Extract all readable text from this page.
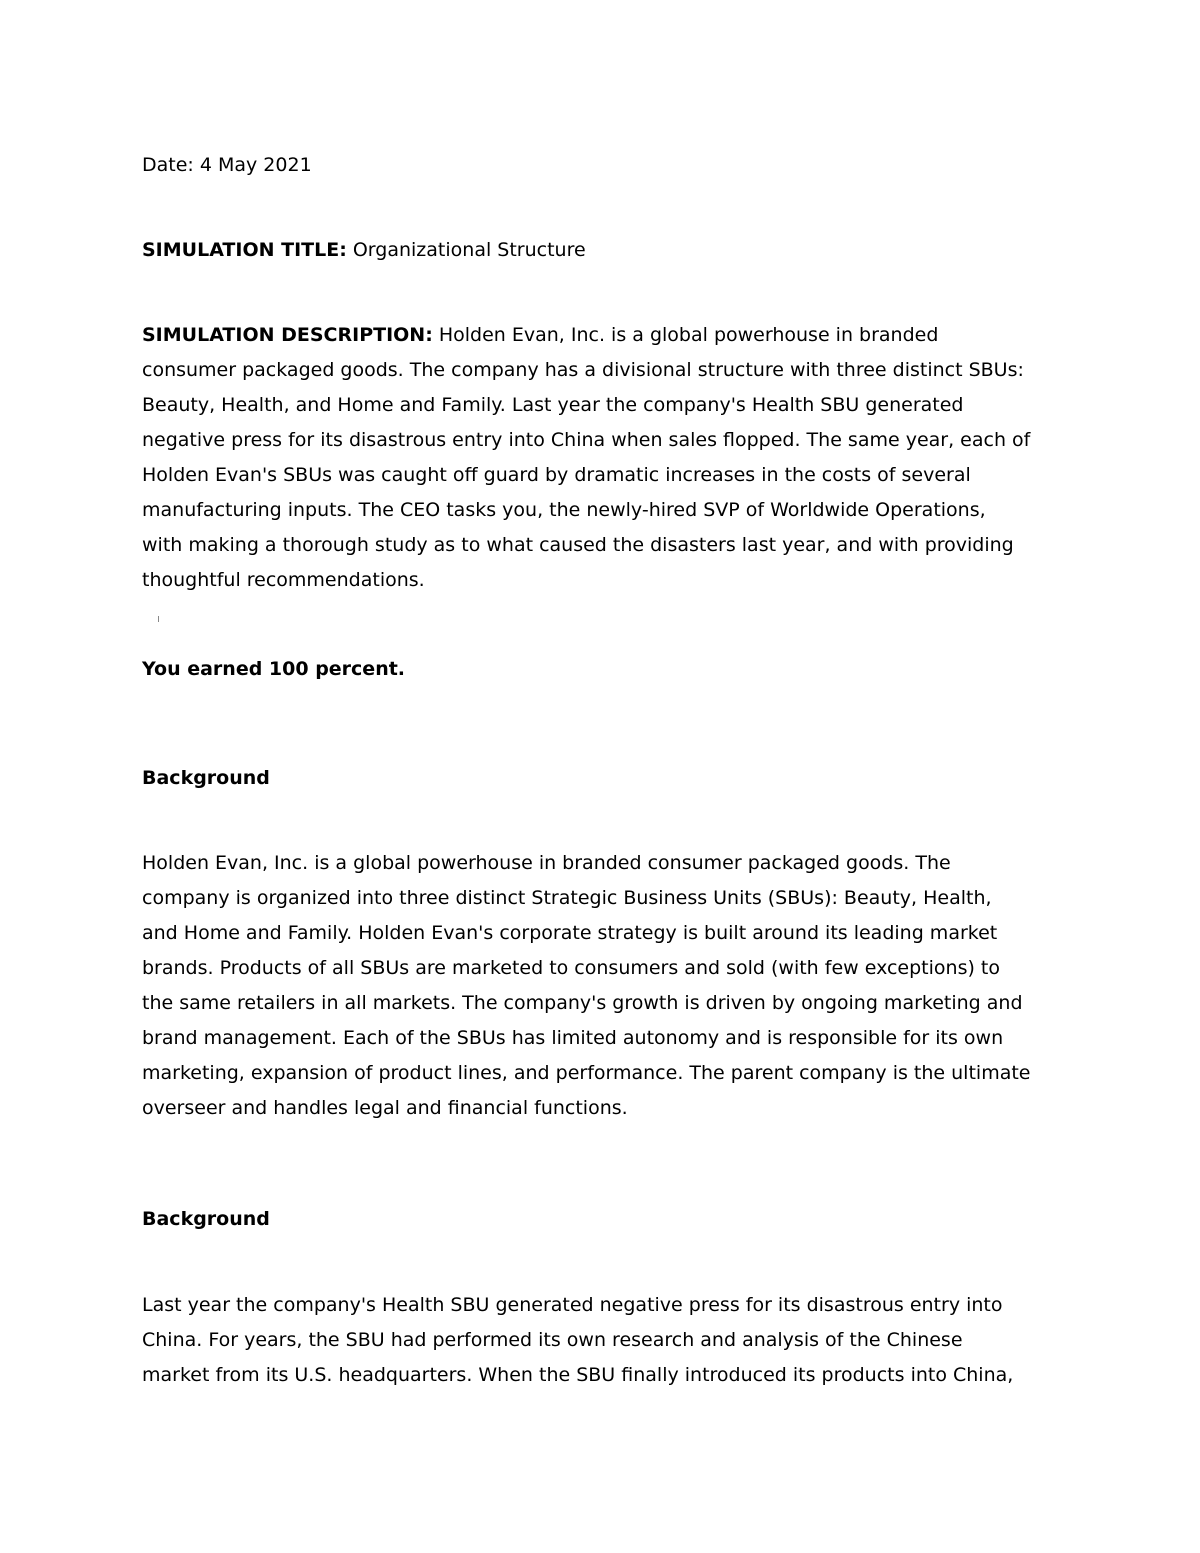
Date: 4 May 2021

SIMULATION TITLE: Organizational Structure

SIMULATION DESCRIPTION: Holden Evan, Inc. is a global powerhouse in branded

consumer packaged goods. The company has a divisional structure with three distinct SBUs:

Beauty, Health, and Home and Family. Last year the company's Health SBU generated

negative press for its disastrous entry into China when sales flopped. The same year, each of

Holden Evan's SBUs was caught off guard by dramatic increases in the costs of several

manufacturing inputs. The CEO tasks you, the newly-hired SVP of Worldwide Operations,

with making a thorough study as to what caused the disasters last year, and with providing

thoughtful recommendations.

You earned 100 percent.

Background

Holden Evan, Inc. is a global powerhouse in branded consumer packaged goods. The

company is organized into three distinct Strategic Business Units (SBUs): Beauty, Health,

and Home and Family. Holden Evan's corporate strategy is built around its leading market

brands. Products of all SBUs are marketed to consumers and sold (with few exceptions) to

the same retailers in all markets. The company's growth is driven by ongoing marketing and

brand management. Each of the SBUs has limited autonomy and is responsible for its own

marketing, expansion of product lines, and performance. The parent company is the ultimate

overseer and handles legal and financial functions.

Background

Last year the company's Health SBU generated negative press for its disastrous entry into

China. For years, the SBU had performed its own research and analysis of the Chinese

market from its U.S. headquarters. When the SBU finally introduced its products into China,
